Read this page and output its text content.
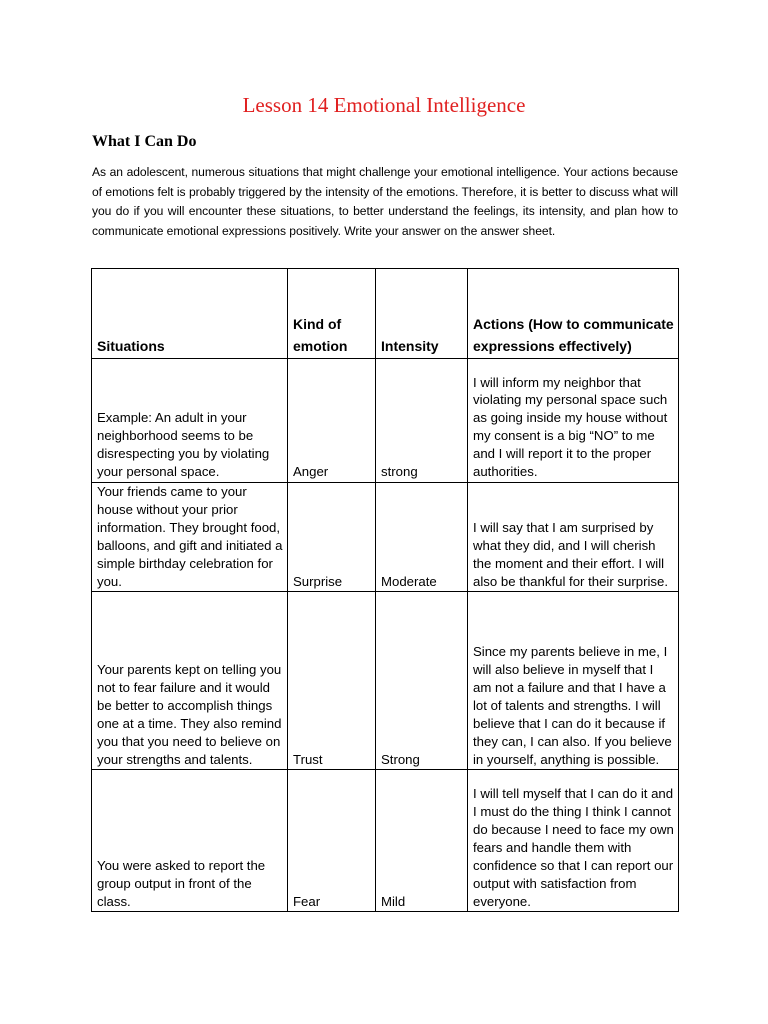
Lesson 14 Emotional Intelligence
What I Can Do

As an adolescent, numerous situations that might challenge your emotional intelligence. Your actions because of emotions felt is probably triggered by the intensity of the emotions. Therefore, it is better to discuss what will you do if you will encounter these situations, to better understand the feelings, its intensity, and plan how to communicate emotional expressions positively. Write your answer on the answer sheet.

Situations	Kind of emotion	Intensity	Actions (How to communicate expressions effectively)
Example: An adult in your neighborhood seems to be disrespecting you by violating your personal space.	Anger	strong	I will inform my neighbor that violating my personal space such as going inside my house without my consent is a big “NO” to me and I will report it to the proper authorities.
Your friends came to your house without your prior information. They brought food, balloons, and gift and initiated a simple birthday celebration for you.	Surprise	Moderate	I will say that I am surprised by what they did, and I will cherish the moment and their effort. I will also be thankful for their surprise.
Your parents kept on telling you not to fear failure and it would be better to accomplish things one at a time. They also remind you that you need to believe on your strengths and talents.	Trust	Strong	Since my parents believe in me, I will also believe in myself that I am not a failure and that I have a lot of talents and strengths. I will believe that I can do it because if they can, I can also. If you believe in yourself, anything is possible.
You were asked to report the group output in front of the class.	Fear	Mild	I will tell myself that I can do it and I must do the thing I think I cannot do because I need to face my own fears and handle them with confidence so that I can report our output with satisfaction from everyone.
